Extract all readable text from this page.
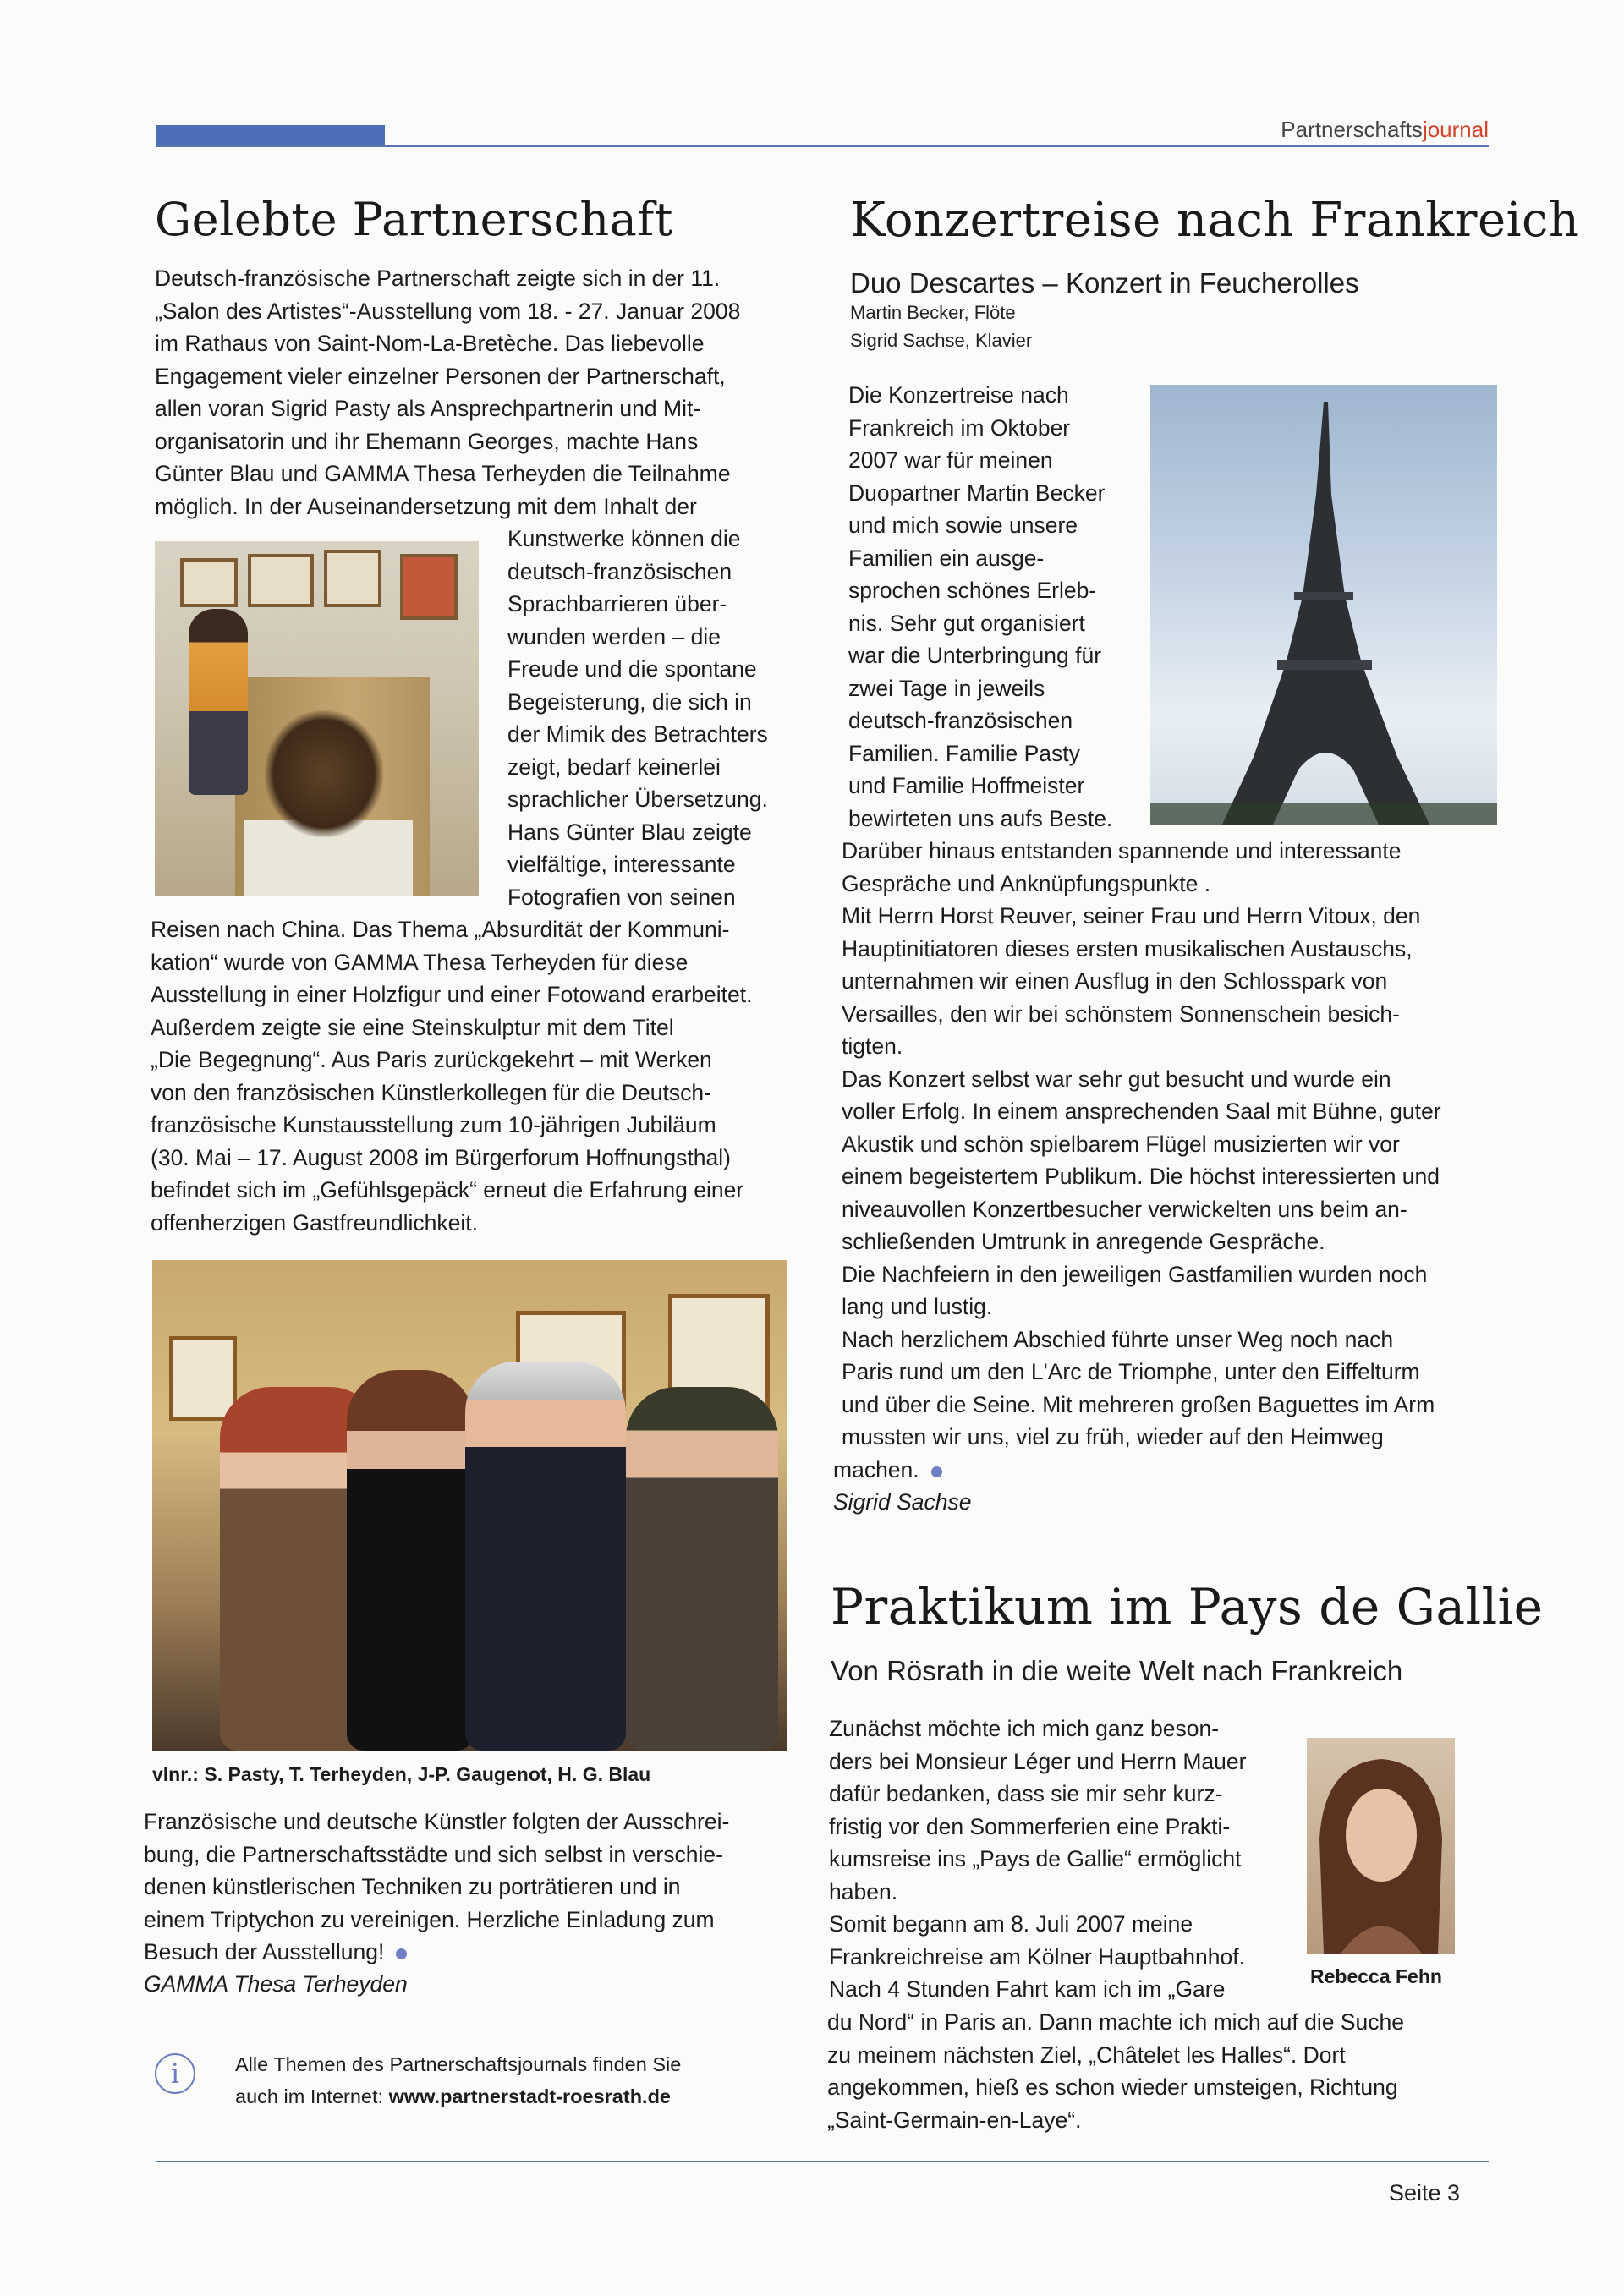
Partnerschaftsjournal
Gelebte Partnerschaft
Deutsch-französische Partnerschaft zeigte sich in der 11.
„Salon des Artistes“-Ausstellung vom 18. - 27. Januar 2008
im Rathaus von Saint-Nom-La-Bretèche. Das liebevolle
Engagement vieler einzelner Personen der Partnerschaft,
allen voran Sigrid Pasty als Ansprechpartnerin und Mit-
organisatorin und ihr Ehemann Georges, machte Hans
Günter Blau und GAMMA Thesa Terheyden die Teilnahme
möglich. In der Auseinandersetzung mit dem Inhalt der
Kunstwerke können die
deutsch-französischen
Sprachbarrieren über-
wunden werden – die
Freude und die spontane
Begeisterung, die sich in
der Mimik des Betrachters
zeigt, bedarf keinerlei
sprachlicher Übersetzung.
Hans Günter Blau zeigte
vielfältige, interessante
Fotografien von seinen
Reisen nach China. Das Thema „Absurdität der Kommuni-
kation“ wurde von GAMMA Thesa Terheyden für diese
Ausstellung in einer Holzfigur und einer Fotowand erarbeitet.
Außerdem zeigte sie eine Steinskulptur mit dem Titel
„Die Begegnung“. Aus Paris zurückgekehrt – mit Werken
von den französischen Künstlerkollegen für die Deutsch-
französische Kunstausstellung zum 10-jährigen Jubiläum
(30. Mai – 17. August 2008 im Bürgerforum Hoffnungsthal)
befindet sich im „Gefühlsgepäck“ erneut die Erfahrung einer
offenherzigen Gastfreundlichkeit.
vlnr.: S. Pasty, T. Terheyden, J-P. Gaugenot, H. G. Blau
Französische und deutsche Künstler folgten der Ausschrei-
bung, die Partnerschaftsstädte und sich selbst in verschie-
denen künstlerischen Techniken zu porträtieren und in
einem Triptychon zu vereinigen. Herzliche Einladung zum
Besuch der Ausstellung!
GAMMA Thesa Terheyden
i	Alle Themen des Partnerschaftsjournals finden Sie
auch im Internet: www.partnerstadt-roesrath.de
Konzertreise nach Frankreich
Duo Descartes – Konzert in Feucherolles
Martin Becker, Flöte
Sigrid Sachse, Klavier
Die Konzertreise nach
Frankreich im Oktober
2007 war für meinen
Duopartner Martin Becker
und mich sowie unsere
Familien ein ausge-
sprochen schönes Erleb-
nis. Sehr gut organisiert
war die Unterbringung für
zwei Tage in jeweils
deutsch-französischen
Familien. Familie Pasty
und Familie Hoffmeister
bewirteten uns aufs Beste.
Darüber hinaus entstanden spannende und interessante
Gespräche und Anknüpfungspunkte .
Mit Herrn Horst Reuver, seiner Frau und Herrn Vitoux, den
Hauptinitiatoren dieses ersten musikalischen Austauschs,
unternahmen wir einen Ausflug in den Schlosspark von
Versailles, den wir bei schönstem Sonnenschein besich-
tigten.
Das Konzert selbst war sehr gut besucht und wurde ein
voller Erfolg. In einem ansprechenden Saal mit Bühne, guter
Akustik und schön spielbarem Flügel musizierten wir vor
einem begeistertem Publikum. Die höchst interessierten und
niveauvollen Konzertbesucher verwickelten uns beim an-
schließenden Umtrunk in anregende Gespräche.
Die Nachfeiern in den jeweiligen Gastfamilien wurden noch
lang und lustig.
Nach herzlichem Abschied führte unser Weg noch nach
Paris rund um den L'Arc de Triomphe, unter den Eiffelturm
und über die Seine. Mit mehreren großen Baguettes im Arm
mussten wir uns, viel zu früh, wieder auf den Heimweg
machen.
Sigrid Sachse
Praktikum im Pays de Gallie
Von Rösrath in die weite Welt nach Frankreich
Zunächst möchte ich mich ganz beson-
ders bei Monsieur Léger und Herrn Mauer
dafür bedanken, dass sie mir sehr kurz-
fristig vor den Sommerferien eine Prakti-
kumsreise ins „Pays de Gallie“ ermöglicht
haben.
Somit begann am 8. Juli 2007 meine
Frankreichreise am Kölner Hauptbahnhof.
Nach 4 Stunden Fahrt kam ich im „Gare	Rebecca Fehn
du Nord“ in Paris an. Dann machte ich mich auf die Suche
zu meinem nächsten Ziel, „Châtelet les Halles“. Dort
angekommen, hieß es schon wieder umsteigen, Richtung
„Saint-Germain-en-Laye“.
Seite 3
